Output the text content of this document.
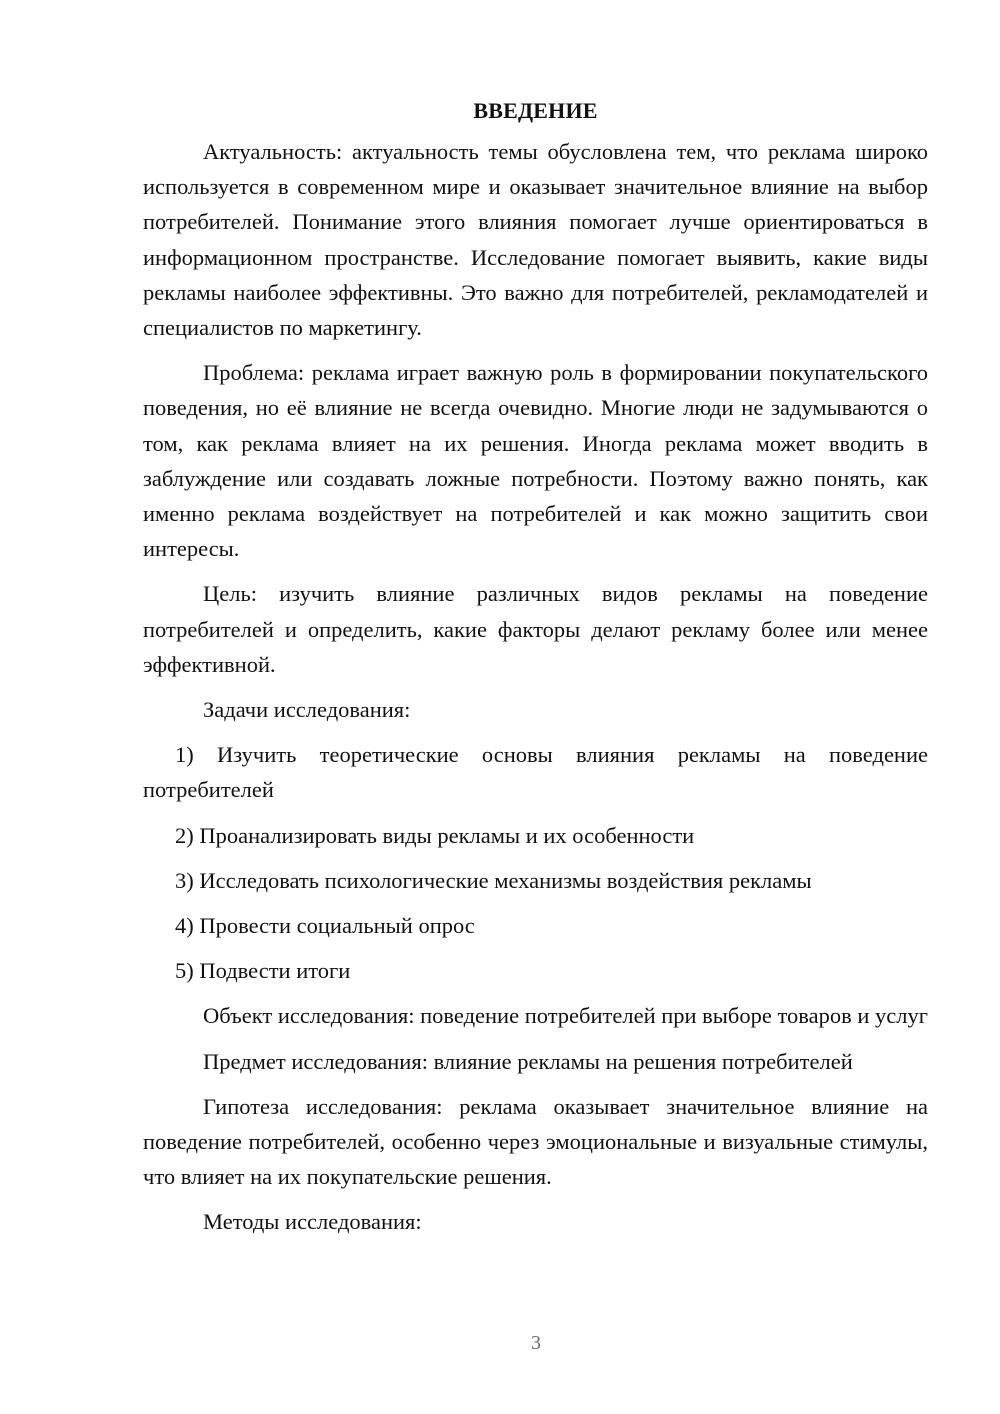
ВВЕДЕНИЕ

Актуальность: актуальность темы обусловлена тем, что реклама широко используется в современном мире и оказывает значительное влияние на выбор потребителей. Понимание этого влияния помогает лучше ориентироваться в информационном пространстве. Исследование помогает выявить, какие виды рекламы наиболее эффективны. Это важно для потребителей, рекламодателей и специалистов по маркетингу.

Проблема: реклама играет важную роль в формировании покупательского поведения, но её влияние не всегда очевидно. Многие люди не задумываются о том, как реклама влияет на их решения. Иногда реклама может вводить в заблуждение или создавать ложные потребности. Поэтому важно понять, как именно реклама воздействует на потребителей и как можно защитить свои интересы.

Цель: изучить влияние различных видов рекламы на поведение потребителей и определить, какие факторы делают рекламу более или менее эффективной.

Задачи исследования:

1) Изучить теоретические основы влияния рекламы на поведение потребителей

2) Проанализировать виды рекламы и их особенности

3) Исследовать психологические механизмы воздействия рекламы

4) Провести социальный опрос

5) Подвести итоги

Объект исследования: поведение потребителей при выборе товаров и услуг

Предмет исследования: влияние рекламы на решения потребителей

Гипотеза исследования: реклама оказывает значительное влияние на поведение потребителей, особенно через эмоциональные и визуальные стимулы, что влияет на их покупательские решения.

Методы исследования:

3
